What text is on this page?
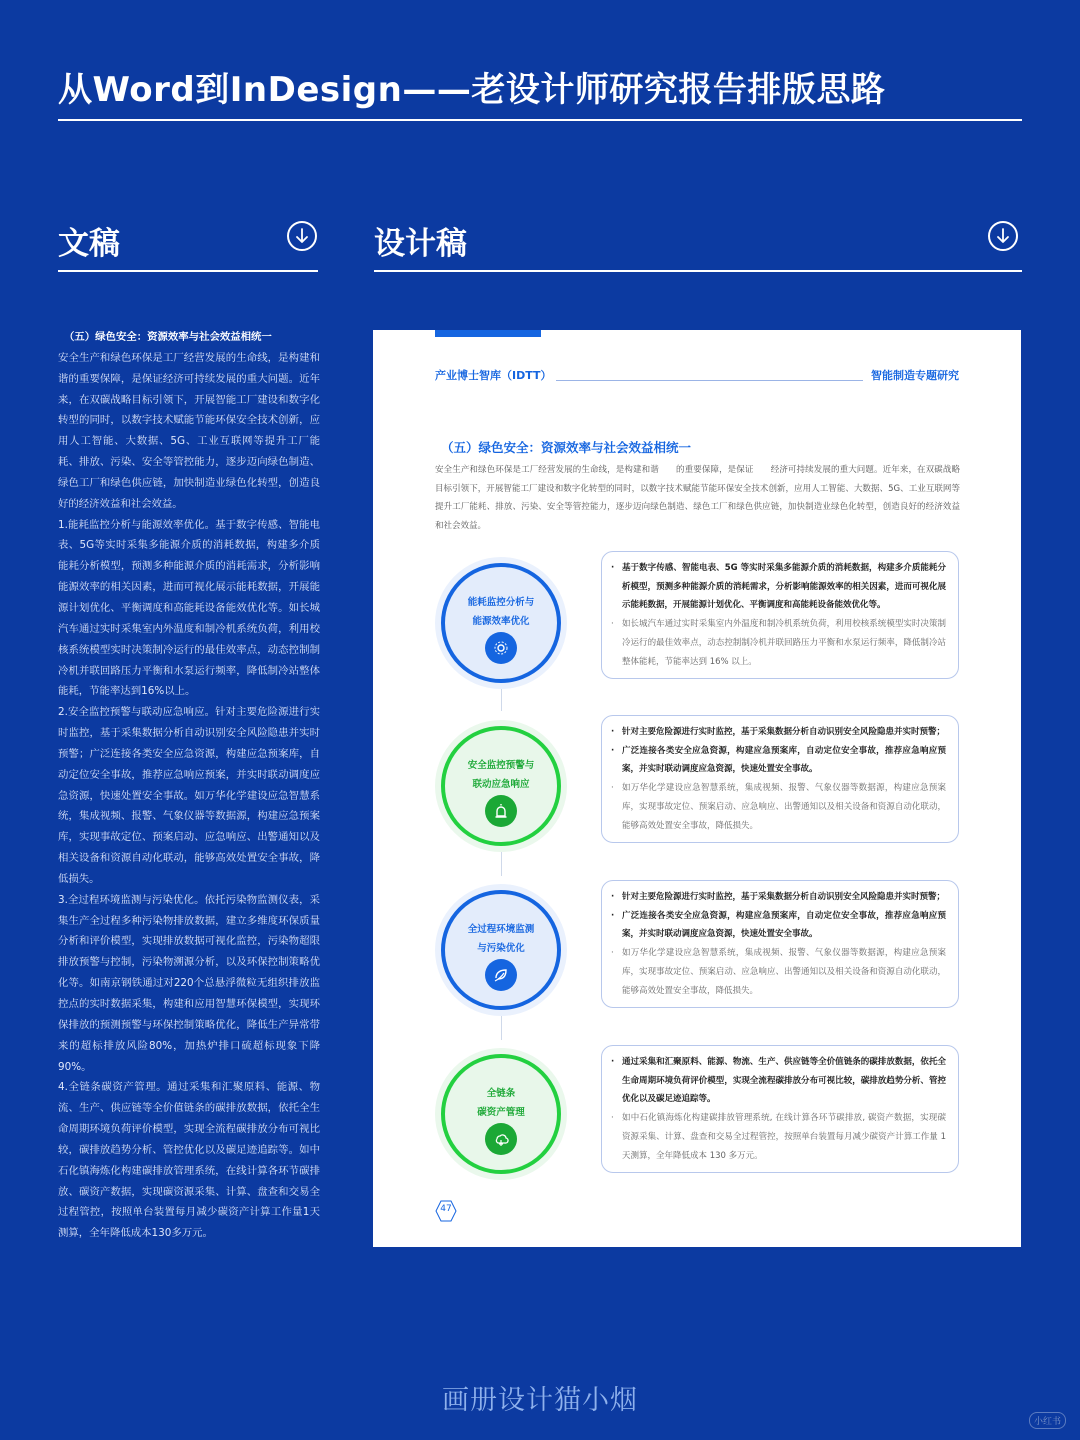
从Word到InDesign——老设计师研究报告排版思路
文稿	设计稿

（五）绿色安全：资源效率与社会效益相统一

安全生产和绿色环保是工厂经营发展的生命线，是构建和谐的重要保障，是保证经济可持续发展的重大问题。近年来，在双碳战略目标引领下，开展智能工厂建设和数字化转型的同时，以数字技术赋能节能环保安全技术创新，应用人工智能、大数据、5G、工业互联网等提升工厂能耗、排放、污染、安全等管控能力，逐步迈向绿色制造、绿色工厂和绿色供应链，加快制造业绿色化转型，创造良好的经济效益和社会效益。

1.能耗监控分析与能源效率优化。基于数字传感、智能电表、5G等实时采集多能源介质的消耗数据，构建多介质能耗分析模型，预测多种能源介质的消耗需求，分析影响能源效率的相关因素，进而可视化展示能耗数据，开展能源计划优化、平衡调度和高能耗设备能效优化等。如长城汽车通过实时采集室内外温度和制冷机系统负荷，利用校核系统模型实时决策制冷运行的最佳效率点，动态控制制冷机并联回路压力平衡和水泵运行频率，降低制冷站整体能耗，节能率达到16%以上。

2.安全监控预警与联动应急响应。针对主要危险源进行实时监控，基于采集数据分析自动识别安全风险隐患并实时预警；广泛连接各类安全应急资源，构建应急预案库，自动定位安全事故，推荐应急响应预案，并实时联动调度应急资源，快速处置安全事故。如万华化学建设应急智慧系统，集成视频、报警、气象仪器等数据源，构建应急预案库，实现事故定位、预案启动、应急响应、出警通知以及相关设备和资源自动化联动，能够高效处置安全事故，降低损失。

3.全过程环境监测与污染优化。依托污染物监测仪表，采集生产全过程多种污染物排放数据，建立多维度环保质量分析和评价模型，实现排放数据可视化监控，污染物超限排放预警与控制，污染物溯源分析，以及环保控制策略优化等。如南京钢铁通过对220个总悬浮微粒无组织排放监控点的实时数据采集，构建和应用智慧环保模型，实现环保排放的预测预警与环保控制策略优化，降低生产异常带来的超标排放风险80%，加热炉排口硫超标现象下降90%。

4.全链条碳资产管理。通过采集和汇聚原料、能源、物流、生产、供应链等全价值链条的碳排放数据，依托全生命周期环境负荷评价模型，实现全流程碳排放分布可视比较，碳排放趋势分析、管控优化以及碳足迹追踪等。如中石化镇海炼化构建碳排放管理系统，在线计算各环节碳排放、碳资产数据，实现碳资源采集、计算、盘查和交易全过程管控，按照单台装置每月减少碳资产计算工作量1天测算，全年降低成本130多万元。

产业博士智库（IDTT）	智能制造专题研究
（五）绿色安全：资源效率与社会效益相统一
安全生产和绿色环保是工厂经营发展的生命线，是构建和谐　　的重要保障，是保证　　经济可持续发展的重大问题。近年来，在双碳战略目标引领下，开展智能工厂建设和数字化转型的同时，以数字技术赋能节能环保安全技术创新，应用人工智能、大数据、5G、工业互联网等提升工厂能耗、排放、污染、安全等管控能力，逐步迈向绿色制造、绿色工厂和绿色供应链，加快制造业绿色化转型，创造良好的经济效益和社会效益。
能耗监控分析与
能源效率优化
· 基于数字传感、智能电表、5G 等实时采集多能源介质的消耗数据，构建多介质能耗分析模型，预测多种能源介质的消耗需求，分析影响能源效率的相关因素，进而可视化展示能耗数据，开展能源计划优化、平衡调度和高能耗设备能效优化等。
· 如长城汽车通过实时采集室内外温度和制冷机系统负荷，利用校核系统模型实时决策制冷运行的最佳效率点，动态控制制冷机并联回路压力平衡和水泵运行频率，降低制冷站整体能耗，节能率达到 16% 以上。
安全监控预警与
联动应急响应
· 针对主要危险源进行实时监控，基于采集数据分析自动识别安全风险隐患并实时预警；
· 广泛连接各类安全应急资源，构建应急预案库，自动定位安全事故，推荐应急响应预案，并实时联动调度应急资源，快速处置安全事故。
· 如万华化学建设应急智慧系统，集成视频、报警、气象仪器等数据源，构建应急预案库，实现事故定位、预案启动、应急响应、出警通知以及相关设备和资源自动化联动，能够高效处置安全事故，降低损失。
全过程环境监测
与污染优化
· 针对主要危险源进行实时监控，基于采集数据分析自动识别安全风险隐患并实时预警；
· 广泛连接各类安全应急资源，构建应急预案库，自动定位安全事故，推荐应急响应预案，并实时联动调度应急资源，快速处置安全事故。
· 如万华化学建设应急智慧系统，集成视频、报警、气象仪器等数据源，构建应急预案库，实现事故定位、预案启动、应急响应、出警通知以及相关设备和资源自动化联动，能够高效处置安全事故，降低损失。
全链条
碳资产管理
· 通过采集和汇聚原料、能源、物流、生产、供应链等全价值链条的碳排放数据，依托全生命周期环境负荷评价模型，实现全流程碳排放分布可视比较，碳排放趋势分析、管控优化以及碳足迹追踪等。
· 如中石化镇海炼化构建碳排放管理系统, 在线计算各环节碳排放, 碳资产数据，实现碳资源采集、计算、盘查和交易全过程管控，按照单台装置每月减少碳资产计算工作量 1 天测算，全年降低成本 130 多万元。
47
画册设计猫小烟
小红书
